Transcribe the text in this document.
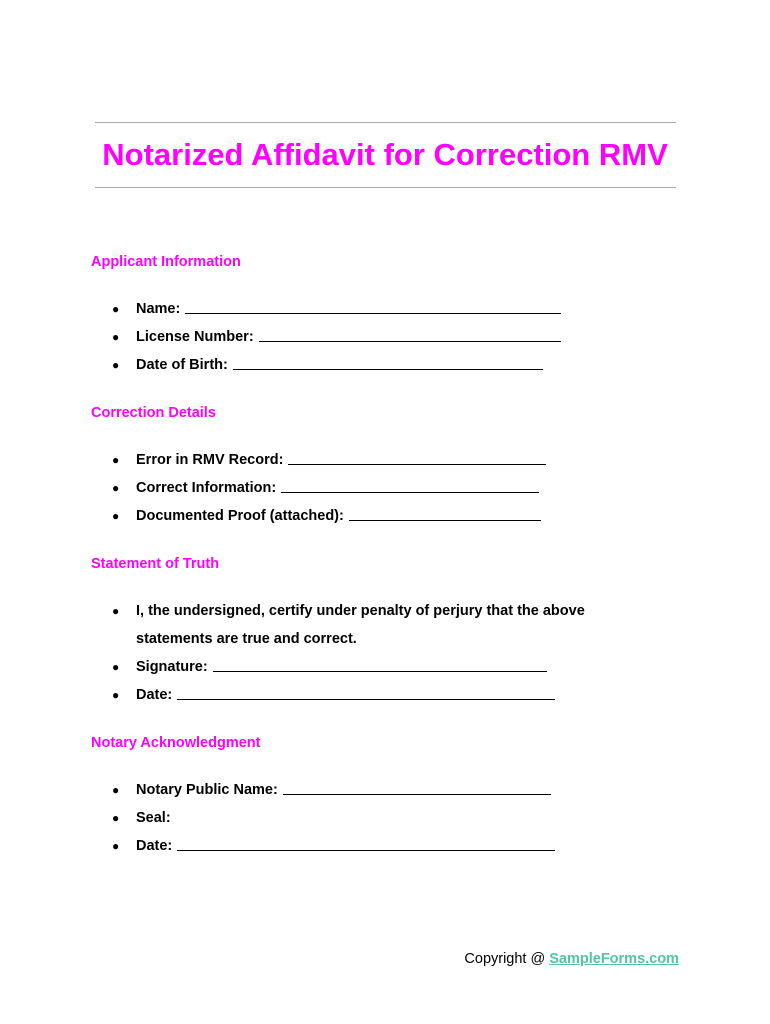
Notarized Affidavit for Correction RMV
Applicant Information
●	Name:
●	License Number:
●	Date of Birth:
Correction Details
●	Error in RMV Record:
●	Correct Information:
●	Documented Proof (attached):
Statement of Truth
●	I, the undersigned, certify under penalty of perjury that the above
statements are true and correct.
●	Signature:
●	Date:
Notary Acknowledgment
●	Notary Public Name:
●	Seal:
●	Date:
Copyright @ SampleForms.com
